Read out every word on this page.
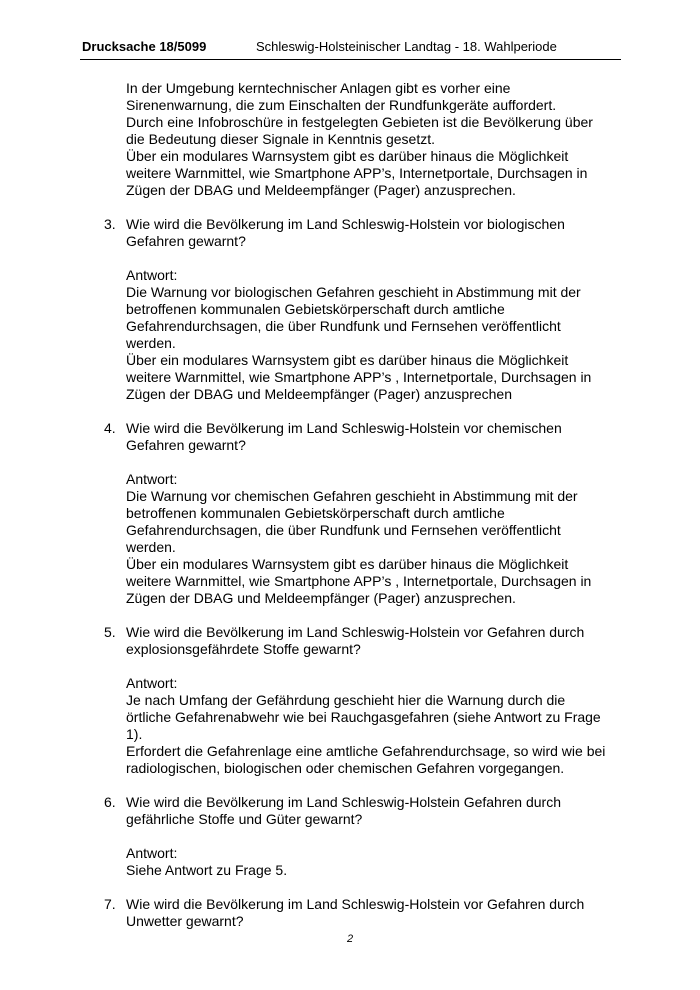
Drucksache 18/5099	Schleswig-Holsteinischer Landtag - 18. Wahlperiode

In der Umgebung kerntechnischer Anlagen gibt es vorher eine

Sirenenwarnung, die zum Einschalten der Rundfunkgeräte auffordert.

Durch eine Infobroschüre in festgelegten Gebieten ist die Bevölkerung über

die Bedeutung dieser Signale in Kenntnis gesetzt.

Über ein modulares Warnsystem gibt es darüber hinaus die Möglichkeit

weitere Warnmittel, wie Smartphone APP’s, Internetportale, Durchsagen in

Zügen der DBAG und Meldeempfänger (Pager) anzusprechen.

3. Wie wird die Bevölkerung im Land Schleswig-Holstein vor biologischen
Gefahren gewarnt?

Antwort:

Die Warnung vor biologischen Gefahren geschieht in Abstimmung mit der

betroffenen kommunalen Gebietskörperschaft durch amtliche

Gefahrendurchsagen, die über Rundfunk und Fernsehen veröffentlicht

werden.

Über ein modulares Warnsystem gibt es darüber hinaus die Möglichkeit

weitere Warnmittel, wie Smartphone APP’s , Internetportale, Durchsagen in

Zügen der DBAG und Meldeempfänger (Pager) anzusprechen

4. Wie wird die Bevölkerung im Land Schleswig-Holstein vor chemischen
Gefahren gewarnt?

Antwort:

Die Warnung vor chemischen Gefahren geschieht in Abstimmung mit der

betroffenen kommunalen Gebietskörperschaft durch amtliche

Gefahrendurchsagen, die über Rundfunk und Fernsehen veröffentlicht

werden.

Über ein modulares Warnsystem gibt es darüber hinaus die Möglichkeit

weitere Warnmittel, wie Smartphone APP’s , Internetportale, Durchsagen in

Zügen der DBAG und Meldeempfänger (Pager) anzusprechen.

5. Wie wird die Bevölkerung im Land Schleswig-Holstein vor Gefahren durch
explosionsgefährdete Stoffe gewarnt?

Antwort:

Je nach Umfang der Gefährdung geschieht hier die Warnung durch die

örtliche Gefahrenabwehr wie bei Rauchgasgefahren (siehe Antwort zu Frage

1).

Erfordert die Gefahrenlage eine amtliche Gefahrendurchsage, so wird wie bei

radiologischen, biologischen oder chemischen Gefahren vorgegangen.

6. Wie wird die Bevölkerung im Land Schleswig-Holstein Gefahren durch
gefährliche Stoffe und Güter gewarnt?

Antwort:

Siehe Antwort zu Frage 5.

7. Wie wird die Bevölkerung im Land Schleswig-Holstein vor Gefahren durch
Unwetter gewarnt?
2
